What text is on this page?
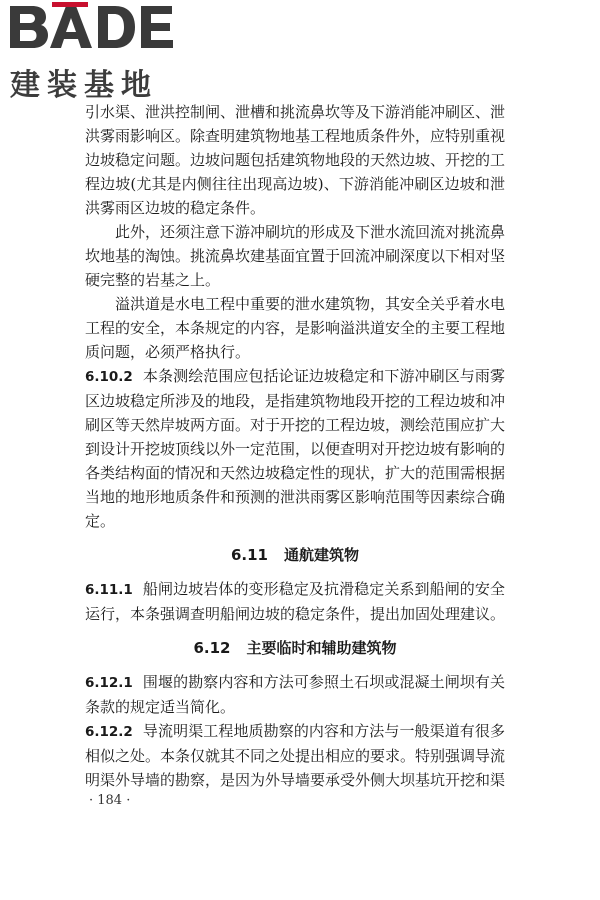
建装基地

引水渠、泄洪控制闸、泄槽和挑流鼻坎等及下游消能冲刷区、泄洪雾雨影响区。除查明建筑物地基工程地质条件外，应特别重视边坡稳定问题。边坡问题包括建筑物地段的天然边坡、开挖的工程边坡(尤其是内侧往往出现高边坡)、下游消能冲刷区边坡和泄洪雾雨区边坡的稳定条件。

此外，还须注意下游冲刷坑的形成及下泄水流回流对挑流鼻坎地基的淘蚀。挑流鼻坎建基面宜置于回流冲刷深度以下相对坚硬完整的岩基之上。

溢洪道是水电工程中重要的泄水建筑物，其安全关乎着水电工程的安全，本条规定的内容，是影响溢洪道安全的主要工程地质问题，必须严格执行。

6.10.2 本条测绘范围应包括论证边坡稳定和下游冲刷区与雨雾区边坡稳定所涉及的地段，是指建筑物地段开挖的工程边坡和冲刷区等天然岸坡两方面。对于开挖的工程边坡，测绘范围应扩大到设计开挖坡顶线以外一定范围，以便查明对开挖边坡有影响的各类结构面的情况和天然边坡稳定性的现状，扩大的范围需根据当地的地形地质条件和预测的泄洪雨雾区影响范围等因素综合确定。

6.11 通航建筑物

6.11.1 船闸边坡岩体的变形稳定及抗滑稳定关系到船闸的安全运行，本条强调查明船闸边坡的稳定条件，提出加固处理建议。

6.12 主要临时和辅助建筑物

6.12.1 围堰的勘察内容和方法可参照土石坝或混凝土闸坝有关条款的规定适当简化。

6.12.2 导流明渠工程地质勘察的内容和方法与一般渠道有很多相似之处。本条仅就其不同之处提出相应的要求。特别强调导流明渠外导墙的勘察，是因为外导墙要承受外侧大坝基坑开挖和渠

· 184 ·
